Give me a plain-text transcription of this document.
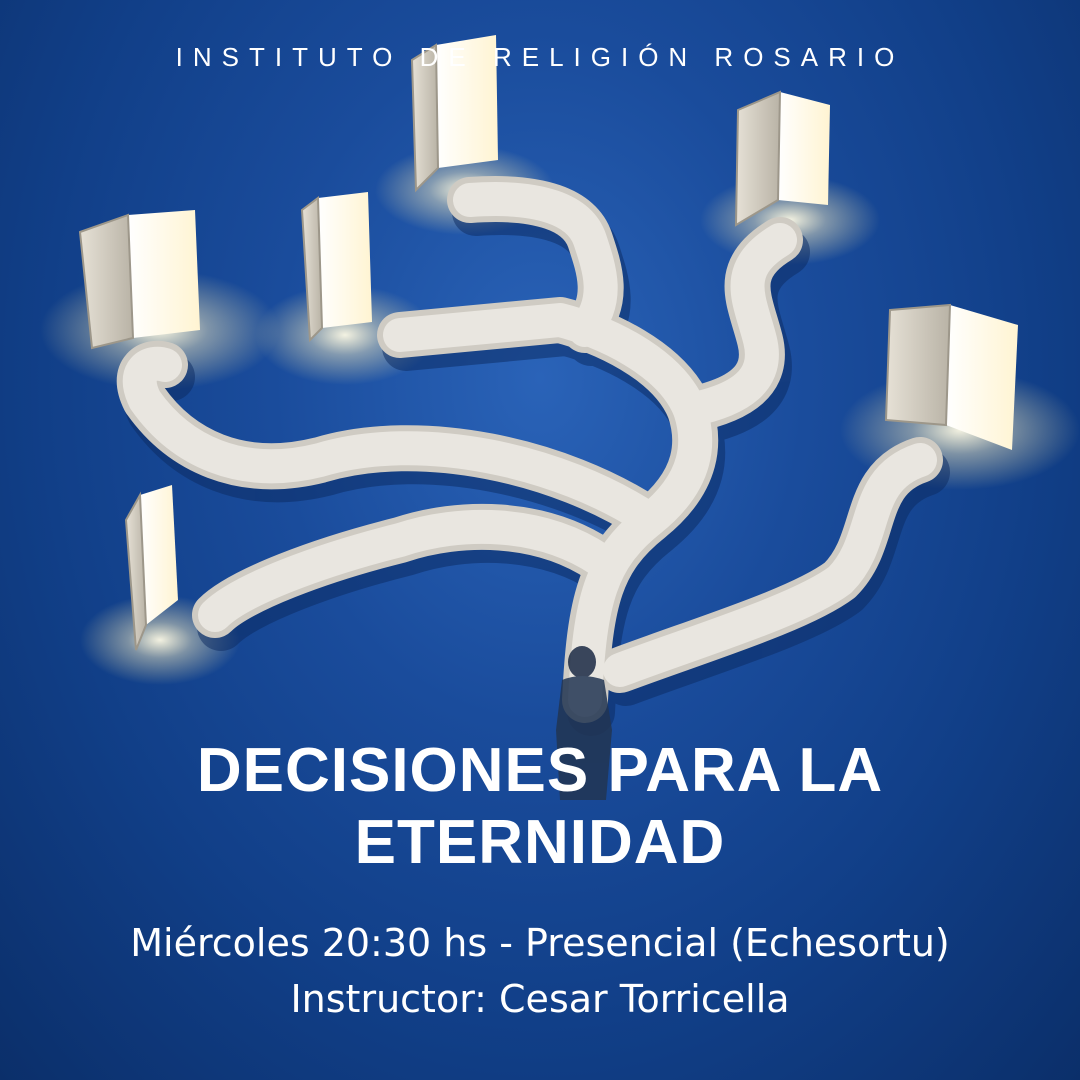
INSTITUTO DE RELIGIÓN ROSARIO
DECISIONES PARA LA
ETERNIDAD
Miércoles 20:30 hs - Presencial (Echesortu)
Instructor: Cesar Torricella
